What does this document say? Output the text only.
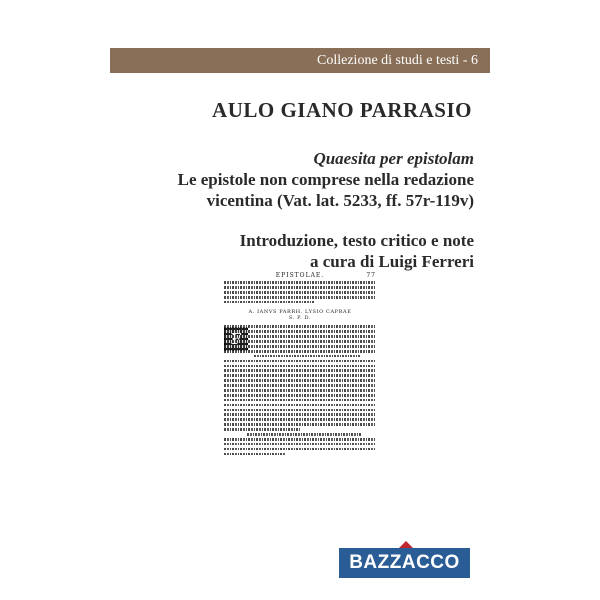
Collezione di studi e testi - 6
AULO GIANO PARRASIO
Quaesita per epistolam
Le epistole non comprese nella redazione
vicentina (Vat. lat. 5233, ff. 57r-119v)
Introduzione, testo critico e note
a cura di Luigi Ferreri
EPISTOLAE.	77
A. IANVS PARRH. LYSIO CAPRAE
S. P. D.
BAZZACCO
